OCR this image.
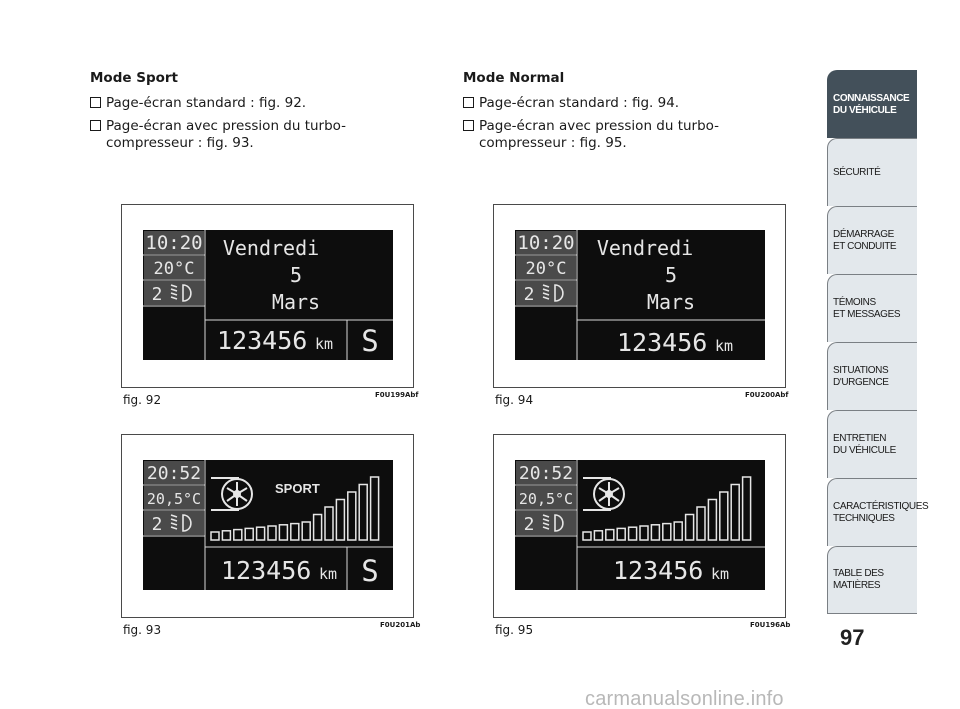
Mode Sport
Page-écran standard : fig. 92.
Page-écran avec pression du turbo-compresseur : fig. 93.
Mode Normal
Page-écran standard : fig. 94.
Page-écran avec pression du turbo-compresseur : fig. 95.
10:20
20°C
2
Vendredi
5
Mars
123456 km S
fig. 92	F0U199Abf
10:20
20°C
2
Vendredi
5
Mars
123456 km
fig. 94	F0U200Abf
20:52
20,5°C
2
SPORT
123456 km S
fig. 93	F0U201Ab
20:52
20,5°C
2
123456 km
fig. 95	F0U196Ab
CONNAISSANCE
DU VÉHICULE
SÉCURITÉ
DÉMARRAGE
ET CONDUITE
TÉMOINS
ET MESSAGES
SITUATIONS
D'URGENCE
ENTRETIEN
DU VÉHICULE
CARACTÉRISTIQUES
TECHNIQUES
TABLE DES
MATIÈRES
97
carmanualsonline.info
